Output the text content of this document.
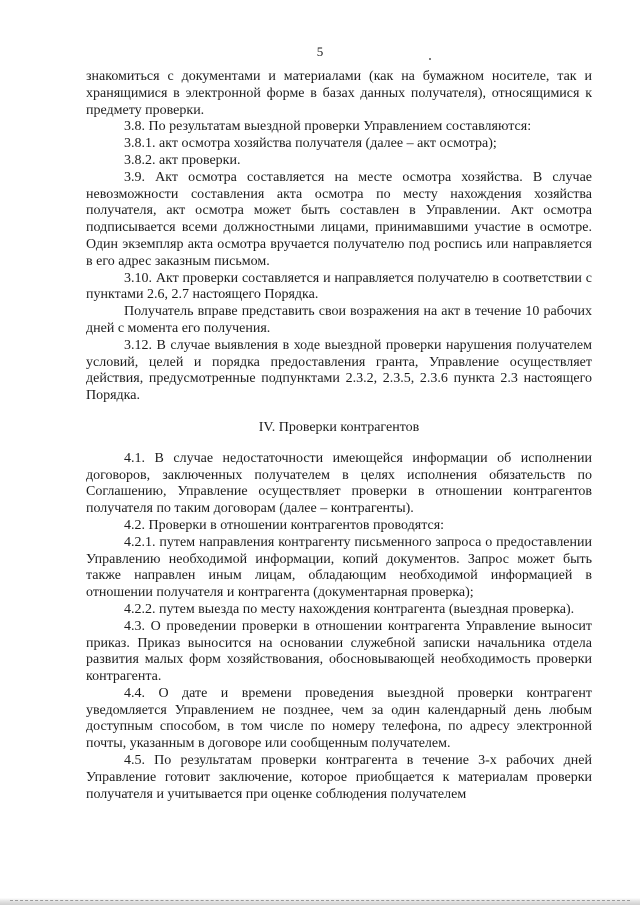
5

знакомиться с документами и материалами (как на бумажном носителе, так и хранящимися в электронной форме в базах данных получателя), относящимися к предмету проверки.

3.8. По результатам выездной проверки Управлением составляются:

3.8.1. акт осмотра хозяйства получателя (далее – акт осмотра);

3.8.2. акт проверки.

3.9. Акт осмотра составляется на месте осмотра хозяйства. В случае невозможности составления акта осмотра по месту нахождения хозяйства получателя, акт осмотра может быть составлен в Управлении. Акт осмотра подписывается всеми должностными лицами, принимавшими участие в осмотре. Один экземпляр акта осмотра вручается получателю под роспись или направляется в его адрес заказным письмом.

3.10. Акт проверки составляется и направляется получателю в соответствии с пунктами 2.6, 2.7 настоящего Порядка.

Получатель вправе представить свои возражения на акт в течение 10 рабочих дней с момента его получения.

3.12. В случае выявления в ходе выездной проверки нарушения получателем условий, целей и порядка предоставления гранта, Управление осуществляет действия, предусмотренные подпунктами 2.3.2, 2.3.5, 2.3.6 пункта 2.3 настоящего Порядка.

IV. Проверки контрагентов

4.1. В случае недостаточности имеющейся информации об исполнении договоров, заключенных получателем в целях исполнения обязательств по Соглашению, Управление осуществляет проверки в отношении контрагентов получателя по таким договорам (далее – контрагенты).

4.2. Проверки в отношении контрагентов проводятся:

4.2.1. путем направления контрагенту письменного запроса о предоставлении Управлению необходимой информации, копий документов. Запрос может быть также направлен иным лицам, обладающим необходимой информацией в отношении получателя и контрагента (документарная проверка);

4.2.2. путем выезда по месту нахождения контрагента (выездная проверка).

4.3. О проведении проверки в отношении контрагента Управление выносит приказ. Приказ выносится на основании служебной записки начальника отдела развития малых форм хозяйствования, обосновывающей необходимость проверки контрагента.

4.4. О дате и времени проведения выездной проверки контрагент уведомляется Управлением не позднее, чем за один календарный день любым доступным способом, в том числе по номеру телефона, по адресу электронной почты, указанным в договоре или сообщенным получателем.

4.5. По результатам проверки контрагента в течение 3-х рабочих дней Управление готовит заключение, которое приобщается к материалам проверки получателя и учитывается при оценке соблюдения получателем
